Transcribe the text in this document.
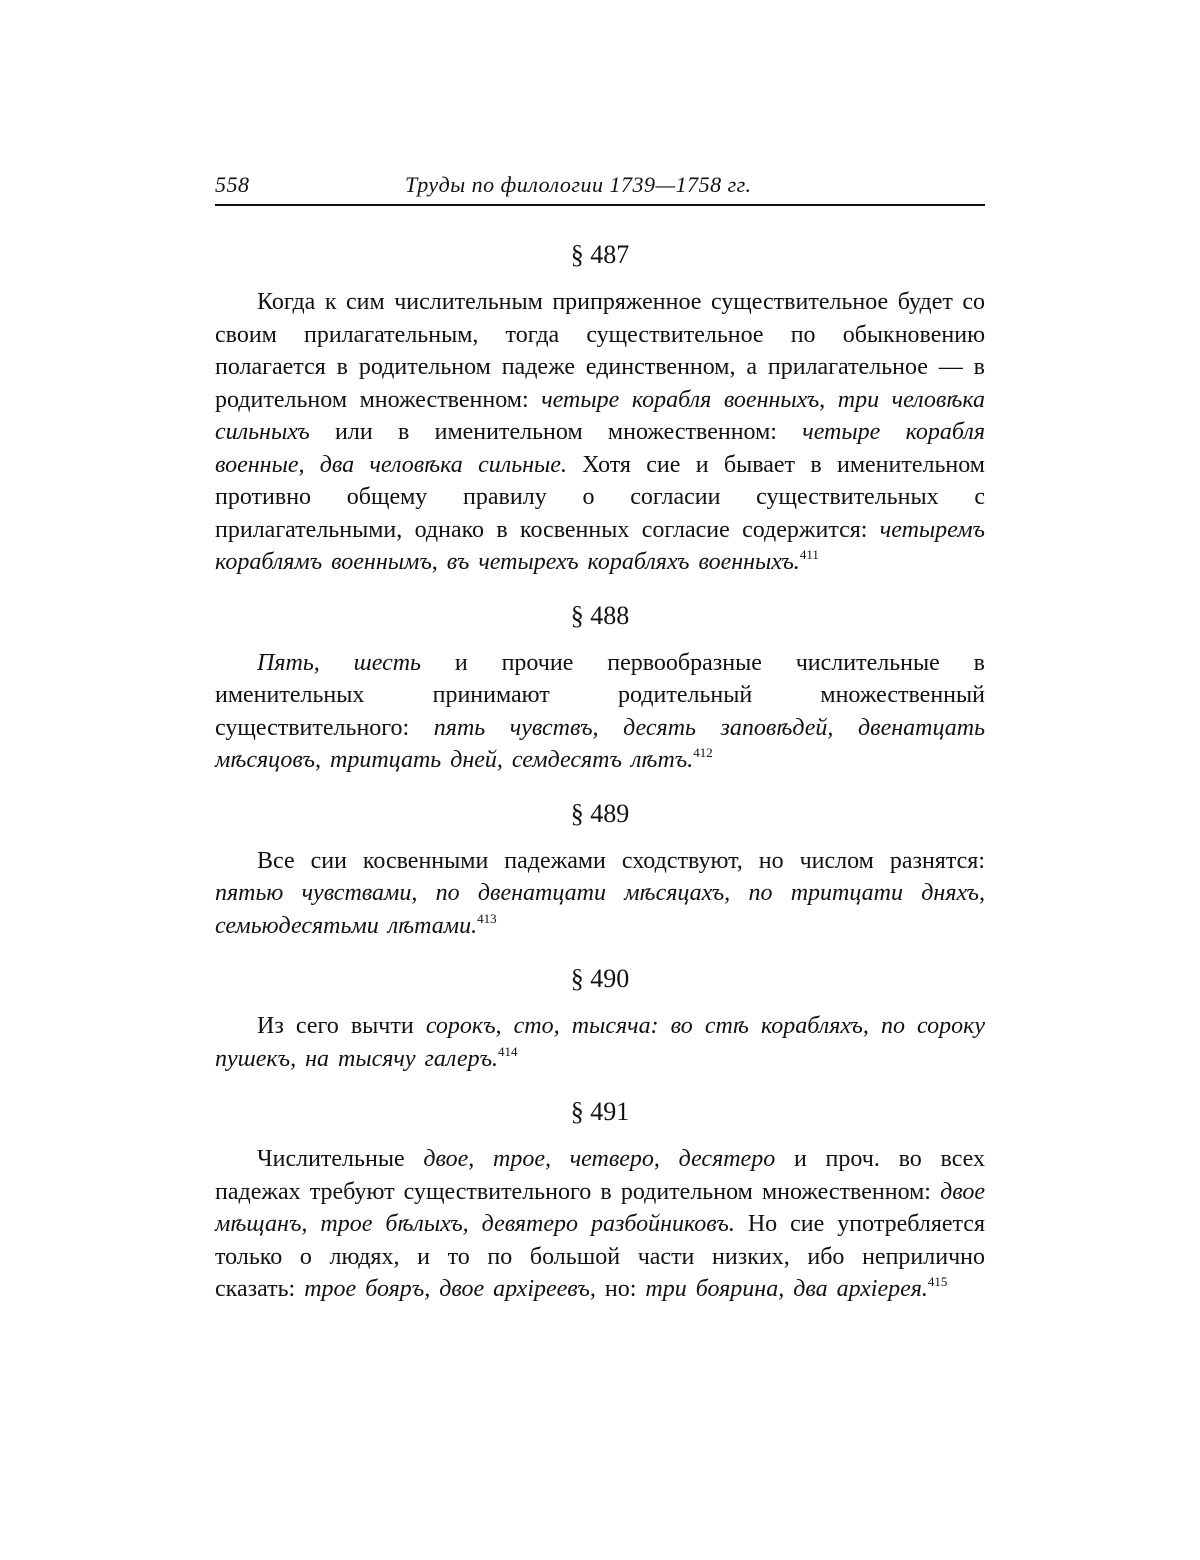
558	Труды по филологии 1739—1758 гг.
§ 487

Когда к сим числительным припряженное существительное будет со своим прилагательным, тогда существительное по обыкновению полагается в родительном падеже единственном, а прилагательное — в родительном множественном: четыре корабля военныхъ, три человѣка сильныхъ или в именительном множественном: четыре корабля военные, два человѣка сильные. Хотя сие и бывает в именительном противно общему правилу о согласии существительных с прилагательными, однако в косвенных согласие содержится: четыремъ кораблямъ военнымъ, въ четырехъ корабляхъ военныхъ.411

§ 488

Пять, шесть и прочие первообразные числительные в именительных принимают родительный множественный существительного: пять чувствъ, десять заповѣдей, двенатцать мѣсяцовъ, тритцать дней, семдесятъ лѣтъ.412

§ 489

Все сии косвенными падежами сходствуют, но числом разнятся: пятью чувствами, по двенатцати мѣсяцахъ, по тритцати дняхъ, семьюдесятьми лѣтами.413

§ 490

Из сего вычти сорокъ, сто, тысяча: во стѣ корабляхъ, по сороку пушекъ, на тысячу галеръ.414

§ 491

Числительные двое, трое, четверо, десятеро и проч. во всех падежах требуют существительного в родительном множественном: двое мѣщанъ, трое бѣлыхъ, девятеро разбойниковъ. Но сие употребляется только о людях, и то по большой части низких, ибо неприлично сказать: трое бояръ, двое архіреевъ, но: три боярина, два архіерея.415
